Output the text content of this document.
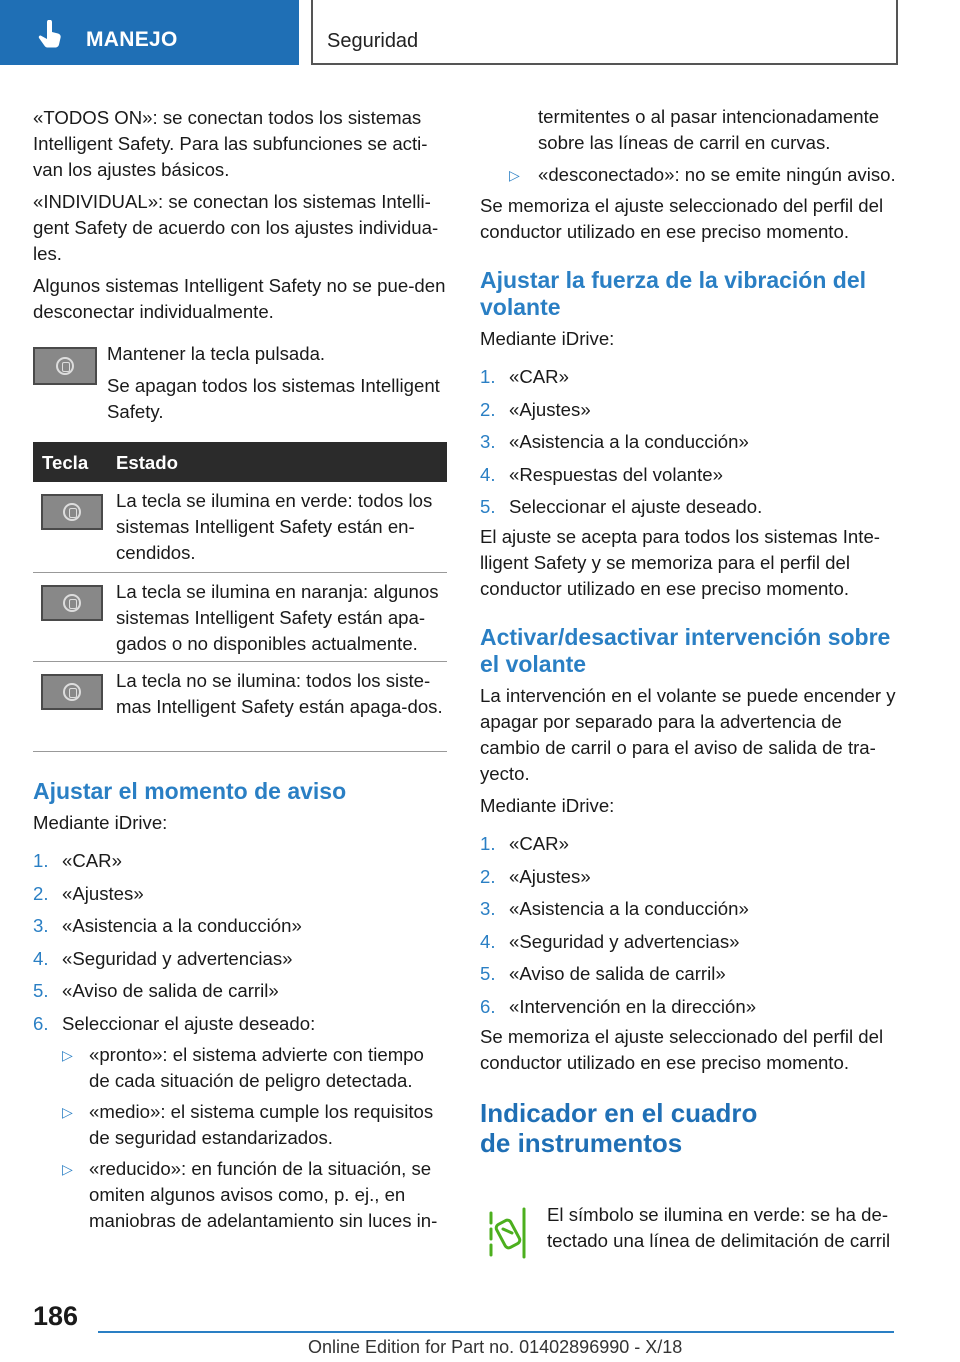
MANEJO	Seguridad

«TODOS ON»: se conectan todos los sistemas Intelligent Safety. Para las subfunciones se acti-van los ajustes básicos.

«INDIVIDUAL»: se conectan los sistemas Intelli-gent Safety de acuerdo con los ajustes individua-les.

Algunos sistemas Intelligent Safety no se pue-den desconectar individualmente.

Mantener la tecla pulsada.

Se apagan todos los sistemas Intelligent Safety.

Tecla Estado
La tecla se ilumina en verde: todos los sistemas Intelligent Safety están en-cendidos.
La tecla se ilumina en naranja: algunos sistemas Intelligent Safety están apa-gados o no disponibles actualmente.
La tecla no se ilumina: todos los siste-mas Intelligent Safety están apaga-dos.
Ajustar el momento de aviso

Mediante iDrive:

1. «CAR»
2. «Ajustes»
3. «Asistencia a la conducción»
4. «Seguridad y advertencias»
5. «Aviso de salida de carril»
6. Seleccionar el ajuste deseado:
▷ «pronto»: el sistema advierte con tiempo de cada situación de peligro detectada.
▷ «medio»: el sistema cumple los requisitos de seguridad estandarizados.
▷ «reducido»: en función de la situación, se omiten algunos avisos como, p. ej., en maniobras de adelantamiento sin luces in-

termitentes o al pasar intencionadamente sobre las líneas de carril en curvas.

▷ «desconectado»: no se emite ningún aviso.

Se memoriza el ajuste seleccionado del perfil del conductor utilizado en ese preciso momento.

Ajustar la fuerza de la vibración del volante

Mediante iDrive:

1. «CAR»
2. «Ajustes»
3. «Asistencia a la conducción»
4. «Respuestas del volante»
5. Seleccionar el ajuste deseado.

El ajuste se acepta para todos los sistemas Inte-lligent Safety y se memoriza para el perfil del conductor utilizado en ese preciso momento.

Activar/desactivar intervención sobre el volante

La intervención en el volante se puede encender y apagar por separado para la advertencia de cambio de carril o para el aviso de salida de tra-yecto.

Mediante iDrive:

1. «CAR»
2. «Ajustes»
3. «Asistencia a la conducción»
4. «Seguridad y advertencias»
5. «Aviso de salida de carril»
6. «Intervención en la dirección»

Se memoriza el ajuste seleccionado del perfil del conductor utilizado en ese preciso momento.

Indicador en el cuadro
de instrumentos

El símbolo se ilumina en verde: se ha de-tectado una línea de delimitación de carril

186
Online Edition for Part no. 01402896990 - X/18
